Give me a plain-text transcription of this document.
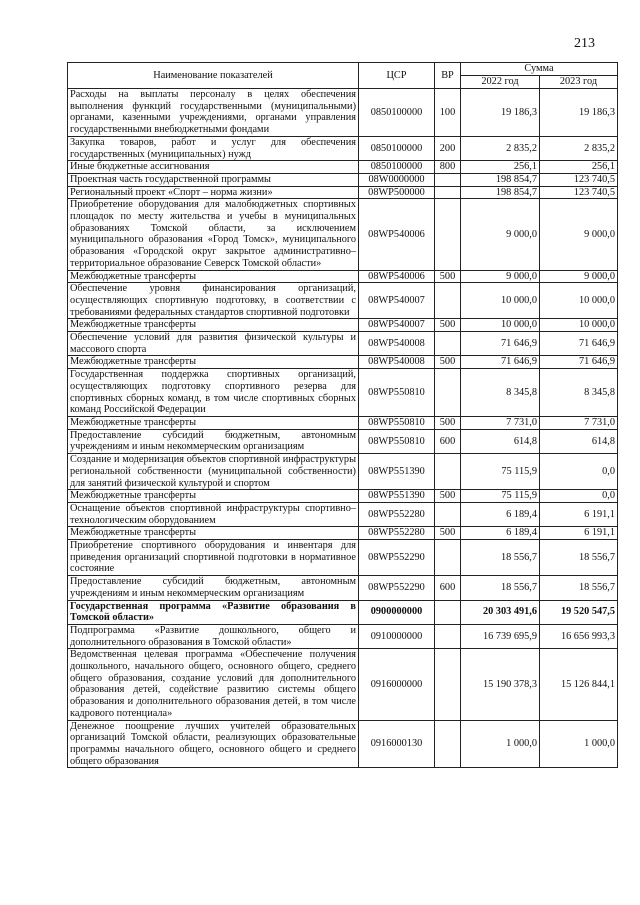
213
Наименование показателей	ЦСР	ВР	Сумма	
			2022 год	2023 год
Расходы на выплаты персоналу в целях обеспечения выполнения функций государственными (муниципальными) органами, казенными учреждениями, органами управления государственными внебюджетными фондами	0850100000	100	19 186,3	19 186,3
Закупка товаров, работ и услуг для обеспечения государственных (муниципальных) нужд	0850100000	200	2 835,2	2 835,2
Иные бюджетные ассигнования	0850100000	800	256,1	256,1
Проектная часть государственной программы	08W0000000		198 854,7	123 740,5
Региональный проект «Спорт – норма жизни»	08WP500000		198 854,7	123 740,5
Приобретение оборудования для малобюджетных спортивных площадок по месту жительства и учебы в муниципальных образованиях Томской области, за исключением муниципального образования «Город Томск», муниципального образования «Городской округ закрытое административно–территориальное образование Северск Томской области»	08WP540006		9 000,0	9 000,0
Межбюджетные трансферты	08WP540006	500	9 000,0	9 000,0
Обеспечение уровня финансирования организаций, осуществляющих спортивную подготовку, в соответствии с требованиями федеральных стандартов спортивной подготовки	08WP540007		10 000,0	10 000,0
Межбюджетные трансферты	08WP540007	500	10 000,0	10 000,0
Обеспечение условий для развития физической культуры и массового спорта	08WP540008		71 646,9	71 646,9
Межбюджетные трансферты	08WP540008	500	71 646,9	71 646,9
Государственная поддержка спортивных организаций, осуществляющих подготовку спортивного резерва для спортивных сборных команд, в том числе спортивных сборных команд Российской Федерации	08WP550810		8 345,8	8 345,8
Межбюджетные трансферты	08WP550810	500	7 731,0	7 731,0
Предоставление субсидий бюджетным, автономным учреждениям и иным некоммерческим организациям	08WP550810	600	614,8	614,8
Создание и модернизация объектов спортивной инфраструктуры региональной собственности (муниципальной собственности) для занятий физической культурой и спортом	08WP551390		75 115,9	0,0
Межбюджетные трансферты	08WP551390	500	75 115,9	0,0
Оснащение объектов спортивной инфраструктуры спортивно–технологическим оборудованием	08WP552280		6 189,4	6 191,1
Межбюджетные трансферты	08WP552280	500	6 189,4	6 191,1
Приобретение спортивного оборудования и инвентаря для приведения организаций спортивной подготовки в нормативное состояние	08WP552290		18 556,7	18 556,7
Предоставление субсидий бюджетным, автономным учреждениям и иным некоммерческим организациям	08WP552290	600	18 556,7	18 556,7
Государственная программа «Развитие образования в Томской области»	0900000000		20 303 491,6	19 520 547,5
Подпрограмма «Развитие дошкольного, общего и дополнительного образования в Томской области»	0910000000		16 739 695,9	16 656 993,3
Ведомственная целевая программа «Обеспечение получения дошкольного, начального общего, основного общего, среднего общего образования, создание условий для дополнительного образования детей, содействие развитию системы общего образования и дополнительного образования детей, в том числе кадрового потенциала»	0916000000		15 190 378,3	15 126 844,1
Денежное поощрение лучших учителей образовательных организаций Томской области, реализующих образовательные программы начального общего, основного общего и среднего общего образования	0916000130		1 000,0	1 000,0
